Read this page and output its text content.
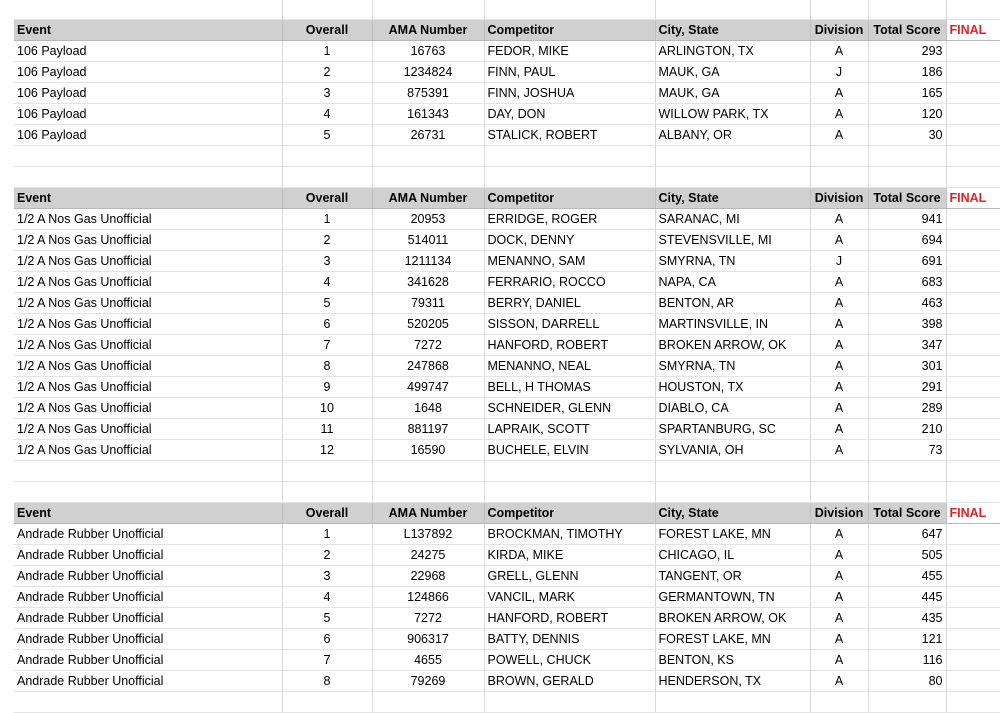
Event	Overall	AMA Number	Competitor	City, State	Division	Total Score	FINAL
106 Payload	1	16763	FEDOR, MIKE	ARLINGTON, TX	A	293	
106 Payload	2	1234824	FINN, PAUL	MAUK, GA	J	186	
106 Payload	3	875391	FINN, JOSHUA	MAUK, GA	A	165	
106 Payload	4	161343	DAY, DON	WILLOW PARK, TX	A	120	
106 Payload	5	26731	STALICK, ROBERT	ALBANY, OR	A	30	

Event	Overall	AMA Number	Competitor	City, State	Division	Total Score	FINAL
1/2 A Nos Gas Unofficial	1	20953	ERRIDGE, ROGER	SARANAC, MI	A	941	
1/2 A Nos Gas Unofficial	2	514011	DOCK, DENNY	STEVENSVILLE, MI	A	694	
1/2 A Nos Gas Unofficial	3	1211134	MENANNO, SAM	SMYRNA, TN	J	691	
1/2 A Nos Gas Unofficial	4	341628	FERRARIO, ROCCO	NAPA, CA	A	683	
1/2 A Nos Gas Unofficial	5	79311	BERRY, DANIEL	BENTON, AR	A	463	
1/2 A Nos Gas Unofficial	6	520205	SISSON, DARRELL	MARTINSVILLE, IN	A	398	
1/2 A Nos Gas Unofficial	7	7272	HANFORD, ROBERT	BROKEN ARROW, OK	A	347	
1/2 A Nos Gas Unofficial	8	247868	MENANNO, NEAL	SMYRNA, TN	A	301	
1/2 A Nos Gas Unofficial	9	499747	BELL, H THOMAS	HOUSTON, TX	A	291	
1/2 A Nos Gas Unofficial	10	1648	SCHNEIDER, GLENN	DIABLO, CA	A	289	
1/2 A Nos Gas Unofficial	11	881197	LAPRAIK, SCOTT	SPARTANBURG, SC	A	210	
1/2 A Nos Gas Unofficial	12	16590	BUCHELE, ELVIN	SYLVANIA, OH	A	73	

Event	Overall	AMA Number	Competitor	City, State	Division	Total Score	FINAL
Andrade Rubber Unofficial	1	L137892	BROCKMAN, TIMOTHY	FOREST LAKE, MN	A	647	
Andrade Rubber Unofficial	2	24275	KIRDA, MIKE	CHICAGO, IL	A	505	
Andrade Rubber Unofficial	3	22968	GRELL, GLENN	TANGENT, OR	A	455	
Andrade Rubber Unofficial	4	124866	VANCIL, MARK	GERMANTOWN, TN	A	445	
Andrade Rubber Unofficial	5	7272	HANFORD, ROBERT	BROKEN ARROW, OK	A	435	
Andrade Rubber Unofficial	6	906317	BATTY, DENNIS	FOREST LAKE, MN	A	121	
Andrade Rubber Unofficial	7	4655	POWELL, CHUCK	BENTON, KS	A	116	
Andrade Rubber Unofficial	8	79269	BROWN, GERALD	HENDERSON, TX	A	80	
